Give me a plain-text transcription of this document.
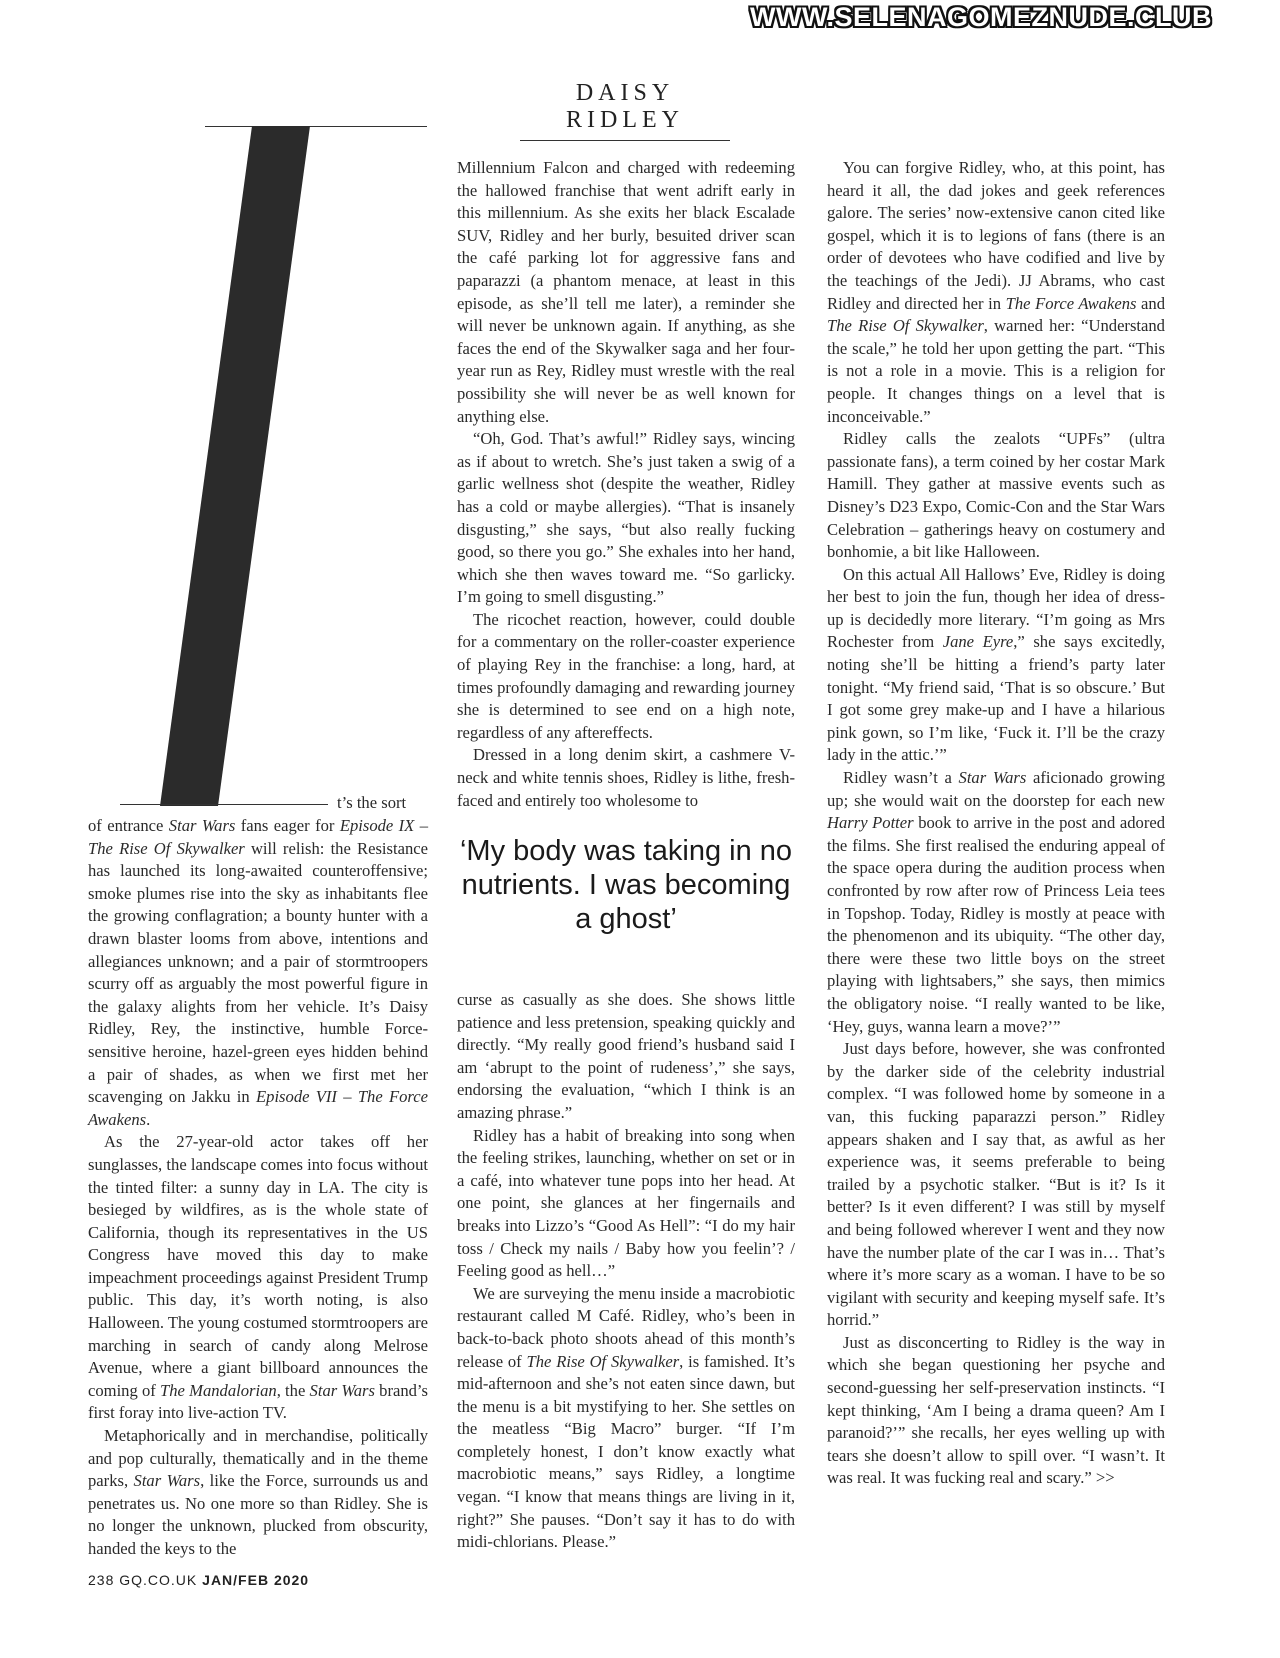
WWW.SELENAGOMEZNUDE.CLUB
DAISY RIDLEY
t’s the sort

of entrance Star Wars fans eager for Episode IX – The Rise Of Skywalker will relish: the Resistance has launched its long-awaited counteroffensive; smoke plumes rise into the sky as inhabitants flee the growing conflagration; a bounty hunter with a drawn blaster looms from above, intentions and allegiances unknown; and a pair of stormtroopers scurry off as arguably the most powerful figure in the galaxy alights from her vehicle. It’s Daisy Ridley, Rey, the instinctive, humble Force-sensitive heroine, hazel-green eyes hidden behind a pair of shades, as when we first met her scavenging on Jakku in Episode VII – The Force Awakens.

As the 27-year-old actor takes off her sunglasses, the landscape comes into focus without the tinted filter: a sunny day in LA. The city is besieged by wildfires, as is the whole state of California, though its representatives in the US Congress have moved this day to make impeachment proceedings against President Trump public. This day, it’s worth noting, is also Halloween. The young costumed stormtroopers are marching in search of candy along Melrose Avenue, where a giant billboard announces the coming of The Mandalorian, the Star Wars brand’s first foray into live-action TV.

Metaphorically and in merchandise, politically and pop culturally, thematically and in the theme parks, Star Wars, like the Force, surrounds us and penetrates us. No one more so than Ridley. She is no longer the unknown, plucked from obscurity, handed the keys to the

Millennium Falcon and charged with redeeming the hallowed franchise that went adrift early in this millennium. As she exits her black Escalade SUV, Ridley and her burly, besuited driver scan the café parking lot for aggressive fans and paparazzi (a phantom menace, at least in this episode, as she’ll tell me later), a reminder she will never be unknown again. If anything, as she faces the end of the Skywalker saga and her four-year run as Rey, Ridley must wrestle with the real possibility she will never be as well known for anything else.

“Oh, God. That’s awful!” Ridley says, wincing as if about to wretch. She’s just taken a swig of a garlic wellness shot (despite the weather, Ridley has a cold or maybe allergies). “That is insanely disgusting,” she says, “but also really fucking good, so there you go.” She exhales into her hand, which she then waves toward me. “So garlicky. I’m going to smell disgusting.”

The ricochet reaction, however, could double for a commentary on the roller-coaster experience of playing Rey in the franchise: a long, hard, at times profoundly damaging and rewarding journey she is determined to see end on a high note, regardless of any aftereffects.

Dressed in a long denim skirt, a cashmere V-neck and white tennis shoes, Ridley is lithe, fresh-faced and entirely too wholesome to

‘My body was taking in no nutrients. I was becoming a ghost’

curse as casually as she does. She shows little patience and less pretension, speaking quickly and directly. “My really good friend’s husband said I am ‘abrupt to the point of rudeness’,” she says, endorsing the evaluation, “which I think is an amazing phrase.”

Ridley has a habit of breaking into song when the feeling strikes, launching, whether on set or in a café, into whatever tune pops into her head. At one point, she glances at her fingernails and breaks into Lizzo’s “Good As Hell”: “I do my hair toss / Check my nails / Baby how you feelin’? / Feeling good as hell…”

We are surveying the menu inside a macrobiotic restaurant called M Café. Ridley, who’s been in back-to-back photo shoots ahead of this month’s release of The Rise Of Skywalker, is famished. It’s mid-afternoon and she’s not eaten since dawn, but the menu is a bit mystifying to her. She settles on the meatless “Big Macro” burger. “If I’m completely honest, I don’t know exactly what macrobiotic means,” says Ridley, a longtime vegan. “I know that means things are living in it, right?” She pauses. “Don’t say it has to do with midi-chlorians. Please.”

You can forgive Ridley, who, at this point, has heard it all, the dad jokes and geek references galore. The series’ now-extensive canon cited like gospel, which it is to legions of fans (there is an order of devotees who have codified and live by the teachings of the Jedi). JJ Abrams, who cast Ridley and directed her in The Force Awakens and The Rise Of Skywalker, warned her: “Understand the scale,” he told her upon getting the part. “This is not a role in a movie. This is a religion for people. It changes things on a level that is inconceivable.”

Ridley calls the zealots “UPFs” (ultra passionate fans), a term coined by her costar Mark Hamill. They gather at massive events such as Disney’s D23 Expo, Comic-Con and the Star Wars Celebration – gatherings heavy on costumery and bonhomie, a bit like Halloween.

On this actual All Hallows’ Eve, Ridley is doing her best to join the fun, though her idea of dress-up is decidedly more literary. “I’m going as Mrs Rochester from Jane Eyre,” she says excitedly, noting she’ll be hitting a friend’s party later tonight. “My friend said, ‘That is so obscure.’ But I got some grey make-up and I have a hilarious pink gown, so I’m like, ‘Fuck it. I’ll be the crazy lady in the attic.’”

Ridley wasn’t a Star Wars aficionado growing up; she would wait on the doorstep for each new Harry Potter book to arrive in the post and adored the films. She first realised the enduring appeal of the space opera during the audition process when confronted by row after row of Princess Leia tees in Topshop. Today, Ridley is mostly at peace with the phenomenon and its ubiquity. “The other day, there were these two little boys on the street playing with lightsabers,” she says, then mimics the obligatory noise. “I really wanted to be like, ‘Hey, guys, wanna learn a move?’”

Just days before, however, she was confronted by the darker side of the celebrity industrial complex. “I was followed home by someone in a van, this fucking paparazzi person.” Ridley appears shaken and I say that, as awful as her experience was, it seems preferable to being trailed by a psychotic stalker. “But is it? Is it better? Is it even different? I was still by myself and being followed wherever I went and they now have the number plate of the car I was in… That’s where it’s more scary as a woman. I have to be so vigilant with security and keeping myself safe. It’s horrid.”

Just as disconcerting to Ridley is the way in which she began questioning her psyche and second-guessing her self-preservation instincts. “I kept thinking, ‘Am I being a drama queen? Am I paranoid?’” she recalls, her eyes welling up with tears she doesn’t allow to spill over. “I wasn’t. It was real. It was fucking real and scary.” >>

238 GQ.CO.UK JAN/FEB 2020
